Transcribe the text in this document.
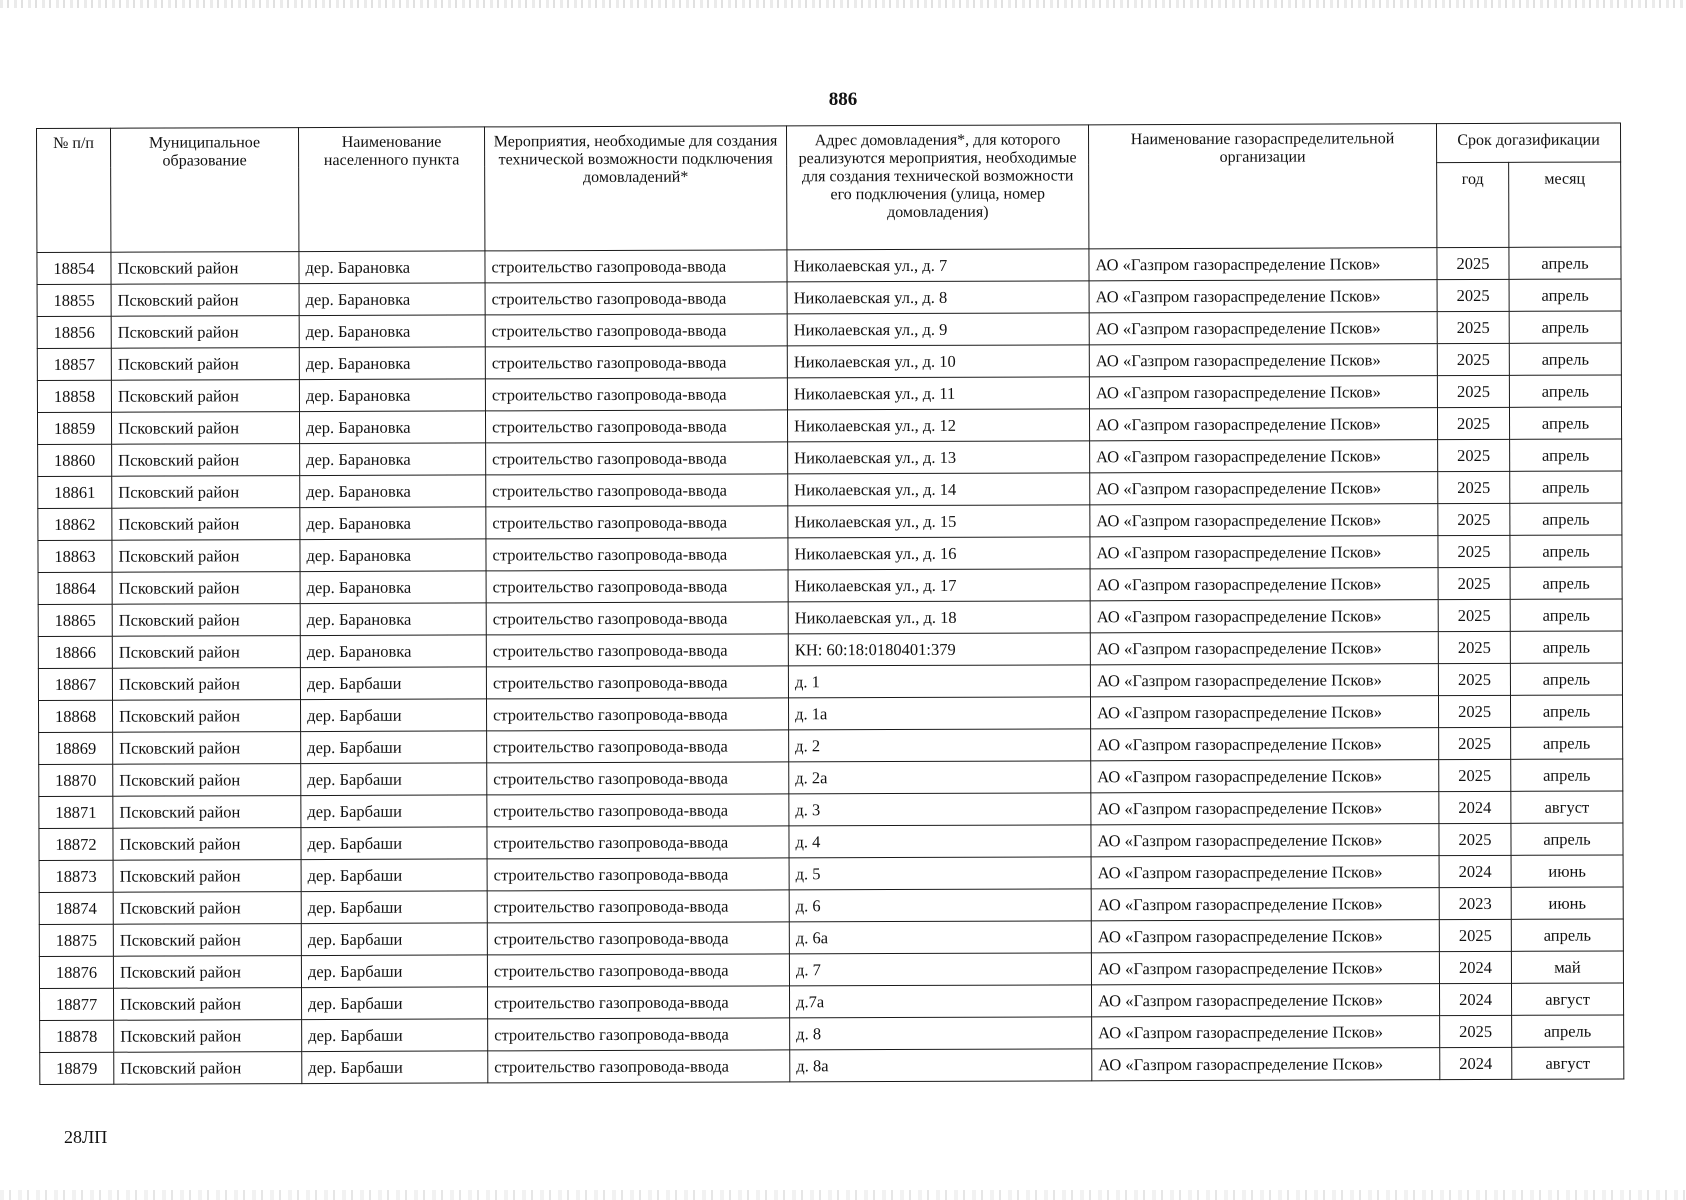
886
№ п/п	Муниципальное образование	Наименование населенного пункта	Мероприятия, необходимые для создания технической возможности подключения домовладений*	Адрес домовладения*, для которого реализуются мероприятия, необходимые для создания технической возможности его подключения (улица, номер домовладения)	Наименование газораспределительной организации	Срок догазификации	
						год	месяц
18854	Псковский район	дер. Барановка	строительство газопровода-ввода	Николаевская ул., д. 7	АО «Газпром газораспределение Псков»	2025	апрель
18855	Псковский район	дер. Барановка	строительство газопровода-ввода	Николаевская ул., д. 8	АО «Газпром газораспределение Псков»	2025	апрель
18856	Псковский район	дер. Барановка	строительство газопровода-ввода	Николаевская ул., д. 9	АО «Газпром газораспределение Псков»	2025	апрель
18857	Псковский район	дер. Барановка	строительство газопровода-ввода	Николаевская ул., д. 10	АО «Газпром газораспределение Псков»	2025	апрель
18858	Псковский район	дер. Барановка	строительство газопровода-ввода	Николаевская ул., д. 11	АО «Газпром газораспределение Псков»	2025	апрель
18859	Псковский район	дер. Барановка	строительство газопровода-ввода	Николаевская ул., д. 12	АО «Газпром газораспределение Псков»	2025	апрель
18860	Псковский район	дер. Барановка	строительство газопровода-ввода	Николаевская ул., д. 13	АО «Газпром газораспределение Псков»	2025	апрель
18861	Псковский район	дер. Барановка	строительство газопровода-ввода	Николаевская ул., д. 14	АО «Газпром газораспределение Псков»	2025	апрель
18862	Псковский район	дер. Барановка	строительство газопровода-ввода	Николаевская ул., д. 15	АО «Газпром газораспределение Псков»	2025	апрель
18863	Псковский район	дер. Барановка	строительство газопровода-ввода	Николаевская ул., д. 16	АО «Газпром газораспределение Псков»	2025	апрель
18864	Псковский район	дер. Барановка	строительство газопровода-ввода	Николаевская ул., д. 17	АО «Газпром газораспределение Псков»	2025	апрель
18865	Псковский район	дер. Барановка	строительство газопровода-ввода	Николаевская ул., д. 18	АО «Газпром газораспределение Псков»	2025	апрель
18866	Псковский район	дер. Барановка	строительство газопровода-ввода	КН: 60:18:0180401:379	АО «Газпром газораспределение Псков»	2025	апрель
18867	Псковский район	дер. Барбаши	строительство газопровода-ввода	д. 1	АО «Газпром газораспределение Псков»	2025	апрель
18868	Псковский район	дер. Барбаши	строительство газопровода-ввода	д. 1а	АО «Газпром газораспределение Псков»	2025	апрель
18869	Псковский район	дер. Барбаши	строительство газопровода-ввода	д. 2	АО «Газпром газораспределение Псков»	2025	апрель
18870	Псковский район	дер. Барбаши	строительство газопровода-ввода	д. 2а	АО «Газпром газораспределение Псков»	2025	апрель
18871	Псковский район	дер. Барбаши	строительство газопровода-ввода	д. 3	АО «Газпром газораспределение Псков»	2024	август
18872	Псковский район	дер. Барбаши	строительство газопровода-ввода	д. 4	АО «Газпром газораспределение Псков»	2025	апрель
18873	Псковский район	дер. Барбаши	строительство газопровода-ввода	д. 5	АО «Газпром газораспределение Псков»	2024	июнь
18874	Псковский район	дер. Барбаши	строительство газопровода-ввода	д. 6	АО «Газпром газораспределение Псков»	2023	июнь
18875	Псковский район	дер. Барбаши	строительство газопровода-ввода	д. 6а	АО «Газпром газораспределение Псков»	2025	апрель
18876	Псковский район	дер. Барбаши	строительство газопровода-ввода	д. 7	АО «Газпром газораспределение Псков»	2024	май
18877	Псковский район	дер. Барбаши	строительство газопровода-ввода	д.7а	АО «Газпром газораспределение Псков»	2024	август
18878	Псковский район	дер. Барбаши	строительство газопровода-ввода	д. 8	АО «Газпром газораспределение Псков»	2025	апрель
18879	Псковский район	дер. Барбаши	строительство газопровода-ввода	д. 8а	АО «Газпром газораспределение Псков»	2024	август
28ЛП
